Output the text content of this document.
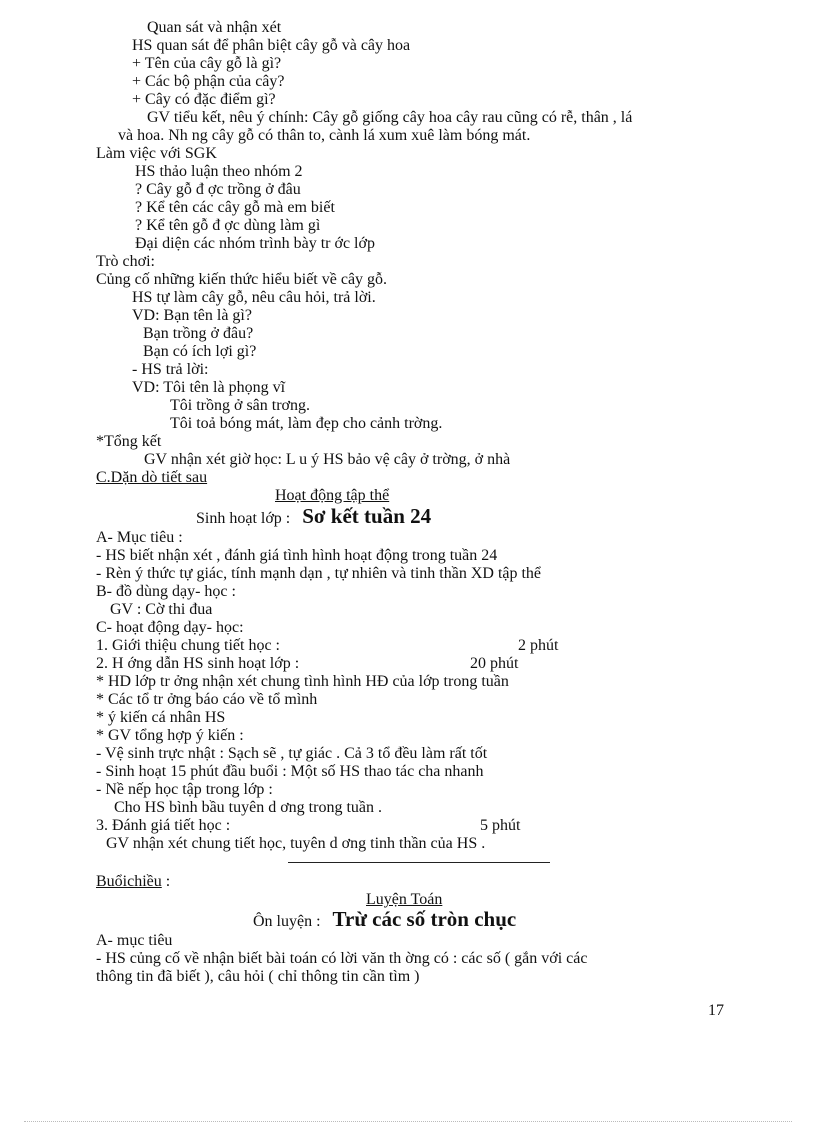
Quan sát và nhận xét
HS quan sát để phân biệt cây gỗ và cây hoa
+ Tên của cây gỗ là gì?
+ Các bộ phận của cây?
+ Cây có đặc điểm gì?
GV tiểu kết, nêu ý chính: Cây gỗ giống cây hoa cây rau cũng có rễ, thân , lá
và hoa. Nh ng cây gỗ có thân to, cành lá xum xuê làm bóng mát.
Làm việc với SGK
HS thảo luận theo nhóm 2
? Cây gỗ đ ợc trồng ở đâu
? Kể tên các cây gỗ mà em biết
? Kể tên gỗ đ ợc dùng làm gì
Đại diện các nhóm trình bày tr ớc lớp
Trò chơi:
Củng cố những kiến thức hiểu biết về cây gỗ.
HS tự làm cây gỗ, nêu câu hỏi, trả lời.
VD: Bạn tên là gì?
Bạn trồng ở đâu?
Bạn có ích lợi gì?
- HS trả lời:
VD: Tôi tên là phọng vĩ
Tôi trồng ở sân trơng.
Tôi toả bóng mát, làm đẹp cho cảnh trờng.
*Tổng kết
GV nhận xét giờ học: L u ý HS bảo vệ cây ở trờng, ở nhà
C.Dặn dò tiết sau
Hoạt động tập thể
Sinh hoạt lớp : Sơ kết tuần 24
A- Mục tiêu :
- HS biết nhận xét , đánh giá tình hình hoạt động trong tuần 24
- Rèn ý thức tự giác, tính mạnh dạn , tự nhiên và tinh thần XD tập thể
B- đồ dùng dạy- học :
GV : Cờ thi đua
C- hoạt động dạy- học:
1. Giới thiệu chung tiết học :	2 phút
2. H ớng dẫn HS sinh hoạt lớp :	20 phút
* HD lớp tr ởng nhận xét chung tình hình HĐ của lớp trong tuần
* Các tổ tr ởng báo cáo về tổ mình
* ý kiến cá nhân HS
* GV tổng hợp ý kiến :
- Vệ sinh trực nhật : Sạch sẽ , tự giác . Cả 3 tổ đều làm rất tốt
- Sinh hoạt 15 phút đầu buổi : Một số HS thao tác cha nhanh
- Nề nếp học tập trong lớp :
Cho HS bình bầu tuyên d ơng trong tuần .
3. Đánh giá tiết học :	5 phút
GV nhận xét chung tiết học, tuyên d ơng tinh thần của HS .
Buổichiều :
Luyện Toán
Ôn luyện : Trừ các số tròn chục
A- mục tiêu
- HS củng cố về nhận biết bài toán có lời văn th ờng có : các số ( gắn với các
thông tin đã biết ), câu hỏi ( chỉ thông tin cần tìm )
17
